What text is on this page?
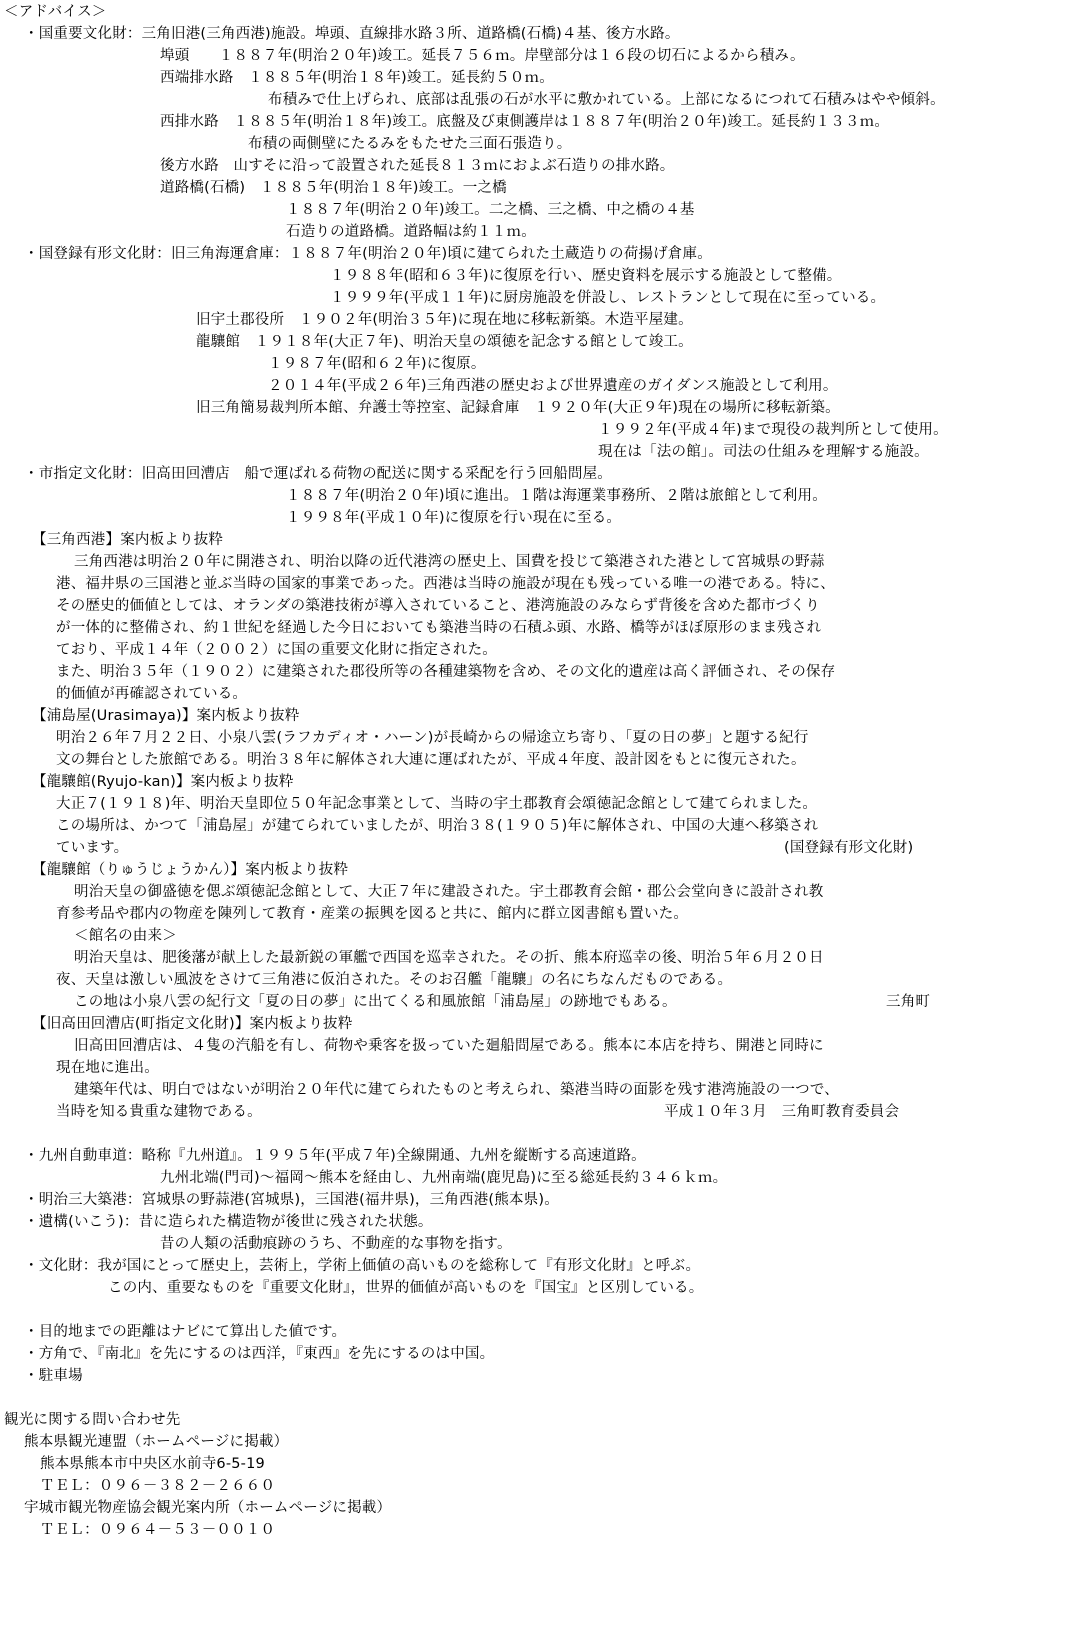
＜アドバイス＞
・国重要文化財：三角旧港(三角西港)施設。埠頭、直線排水路３所、道路橋(石橋)４基、後方水路。
埠頭　　１８８７年(明治２０年)竣工。延長７５６ｍ。岸壁部分は１６段の切石によるから積み。
西端排水路　１８８５年(明治１８年)竣工。延長約５０ｍ。
布積みで仕上げられ、底部は乱張の石が水平に敷かれている。上部になるにつれて石積みはやや傾斜。
西排水路　１８８５年(明治１８年)竣工。底盤及び東側護岸は１８８７年(明治２０年)竣工。延長約１３３ｍ。
布積の両側壁にたるみをもたせた三面石張造り。
後方水路　山すそに沿って設置された延長８１３ｍにおよぶ石造りの排水路。
道路橋(石橋)　１８８５年(明治１８年)竣工。一之橋
１８８７年(明治２０年)竣工。二之橋、三之橋、中之橋の４基
石造りの道路橋。道路幅は約１１ｍ。
・国登録有形文化財：旧三角海運倉庫：１８８７年(明治２０年)頃に建てられた土蔵造りの荷揚げ倉庫。
１９８８年(昭和６３年)に復原を行い、歴史資料を展示する施設として整備。
１９９９年(平成１１年)に厨房施設を併設し、レストランとして現在に至っている。
旧宇土郡役所　１９０２年(明治３５年)に現在地に移転新築。木造平屋建。
龍驤館　１９１８年(大正７年)、明治天皇の頌徳を記念する館として竣工。
１９８７年(昭和６２年)に復原。
２０１４年(平成２６年)三角西港の歴史および世界遺産のガイダンス施設として利用。
旧三角簡易裁判所本館、弁護士等控室、記録倉庫　１９２０年(大正９年)現在の場所に移転新築。
１９９２年(平成４年)まで現役の裁判所として使用。
現在は「法の館」。司法の仕組みを理解する施設。
・市指定文化財：旧高田回漕店　船で運ばれる荷物の配送に関する采配を行う回船問屋。
１８８７年(明治２０年)頃に進出。１階は海運業事務所、２階は旅館として利用。
１９９８年(平成１０年)に復原を行い現在に至る。
【三角西港】案内板より抜粋
三角西港は明治２０年に開港され、明治以降の近代港湾の歴史上、国費を投じて築港された港として宮城県の野蒜
港、福井県の三国港と並ぶ当時の国家的事業であった。西港は当時の施設が現在も残っている唯一の港である。特に、
その歴史的価値としては、オランダの築港技術が導入されていること、港湾施設のみならず背後を含めた都市づくり
が一体的に整備され、約１世紀を経過した今日においても築港当時の石積ふ頭、水路、橋等がほぼ原形のまま残され
ており、平成１４年（２００２）に国の重要文化財に指定された。
また、明治３５年（１９０２）に建築された郡役所等の各種建築物を含め、その文化的遺産は高く評価され、その保存
的価値が再確認されている。
【浦島屋(Urasimaya)】案内板より抜粋
明治２６年７月２２日、小泉八雲(ラフカディオ・ハーン)が長崎からの帰途立ち寄り、「夏の日の夢」と題する紀行
文の舞台とした旅館である。明治３８年に解体され大連に運ばれたが、平成４年度、設計図をもとに復元された。
【龍驤館(Ryujo-kan)】案内板より抜粋
大正７(１９１８)年、明治天皇即位５０年記念事業として、当時の宇土郡教育会頌徳記念館として建てられました。
この場所は、かつて「浦島屋」が建てられていましたが、明治３８(１９０５)年に解体され、中国の大連へ移築され
ています。	(国登録有形文化財)
【龍驤館（りゅうじょうかん）】案内板より抜粋
明治天皇の御盛徳を偲ぶ頌徳記念館として、大正７年に建設された。宇土郡教育会館・郡公会堂向きに設計され教
育参考品や郡内の物産を陳列して教育・産業の振興を図ると共に、館内に群立図書館も置いた。
＜館名の由来＞
明治天皇は、肥後藩が献上した最新鋭の軍艦で西国を巡幸された。その折、熊本府巡幸の後、明治５年６月２０日
夜、天皇は激しい風波をさけて三角港に仮泊された。そのお召艦「龍驤」の名にちなんだものである。
この地は小泉八雲の紀行文「夏の日の夢」に出てくる和風旅館「浦島屋」の跡地でもある。	三角町
【旧高田回漕店(町指定文化財)】案内板より抜粋
旧高田回漕店は、４隻の汽船を有し、荷物や乗客を扱っていた廻船問屋である。熊本に本店を持ち、開港と同時に
現在地に進出。
建築年代は、明白ではないが明治２０年代に建てられたものと考えられ、築港当時の面影を残す港湾施設の一つで、
当時を知る貴重な建物である。	平成１０年３月　三角町教育委員会
・九州自動車道：略称『九州道』。１９９５年(平成７年)全線開通、九州を縦断する高速道路。
九州北端(門司)～福岡～熊本を経由し、九州南端(鹿児島)に至る総延長約３４６ｋｍ。
・明治三大築港：宮城県の野蒜港(宮城県)，三国港(福井県)，三角西港(熊本県)。
・遺構(いこう)：昔に造られた構造物が後世に残された状態。
昔の人類の活動痕跡のうち、不動産的な事物を指す。
・文化財：我が国にとって歴史上，芸術上，学術上価値の高いものを総称して『有形文化財』と呼ぶ。
この内、重要なものを『重要文化財』，世界的価値が高いものを『国宝』と区別している。
・目的地までの距離はナビにて算出した値です。
・方角で、『南北』を先にするのは西洋，『東西』を先にするのは中国。
・駐車場
観光に関する問い合わせ先
熊本県観光連盟（ホームページに掲載）
熊本県熊本市中央区水前寺6-5-19
ＴＥＬ：０９６－３８２－２６６０
宇城市観光物産協会観光案内所（ホームページに掲載）
ＴＥＬ：０９６４－５３－００１０
